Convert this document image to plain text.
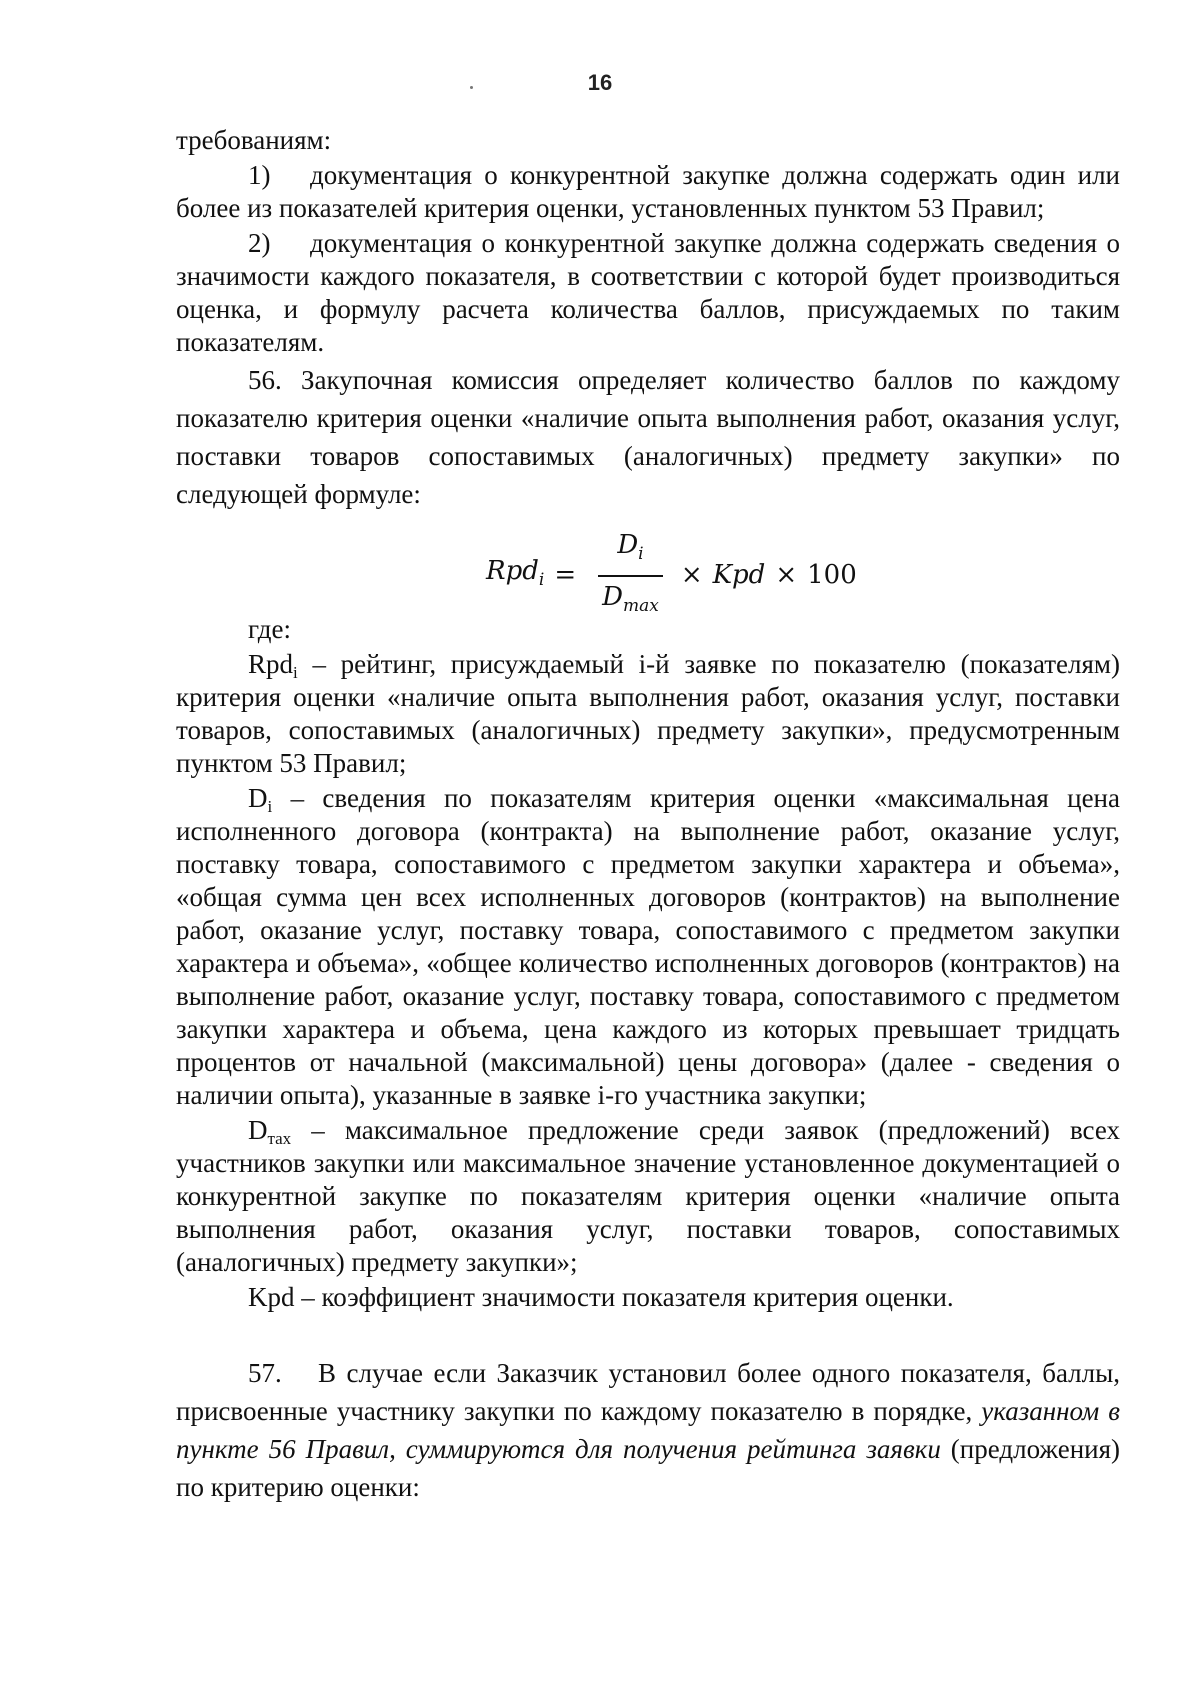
16

требованиям:

1) документация о конкурентной закупке должна содержать один или более из показателей критерия оценки, установленных пунктом 53 Правил;

2) документация о конкурентной закупке должна содержать сведения о значимости каждого показателя, в соответствии с которой будет производиться оценка, и формулу расчета количества баллов, присуждаемых по таким показателям.

56. Закупочная комиссия определяет количество баллов по каждому показателю критерия оценки «наличие опыта выполнения работ, оказания услуг, поставки товаров сопоставимых (аналогичных) предмету закупки» по следующей формуле:

$Rpd_i = \frac{D_i}{D_{max}}$ × Kpd × 100

где:

Rpd$_i$ – рейтинг, присуждаемый i-й заявке по показателю (показателям) критерия оценки «наличие опыта выполнения работ, оказания услуг, поставки товаров, сопоставимых (аналогичных) предмету закупки», предусмотренным пунктом 53 Правил;

$D_i$ – сведения по показателям критерия оценки «максимальная цена исполненного договора (контракта) на выполнение работ, оказание услуг, поставку товара, сопоставимого с предметом закупки характера и объема», «общая сумма цен всех исполненных договоров (контрактов) на выполнение работ, оказание услуг, поставку товара, сопоставимого с предметом закупки характера и объема», «общее количество исполненных договоров (контрактов) на выполнение работ, оказание услуг, поставку товара, сопоставимого с предметом закупки характера и объема, цена каждого из которых превышает тридцать процентов от начальной (максимальной) цены договора» (далее - сведения о наличии опыта), указанные в заявке i-го участника закупки;

$D_{тах}$ – максимальное предложение среди заявок (предложений) всех участников закупки или максимальное значение установленное документацией о конкурентной закупке по показателям критерия оценки «наличие опыта выполнения работ, оказания услуг, поставки товаров, сопоставимых (аналогичных) предмету закупки»;

Kpd – коэффициент значимости показателя критерия оценки.

57. В случае если Заказчик установил более одного показателя, баллы, присвоенные участнику закупки по каждому показателю в порядке, указанном в пункте 56 Правил, суммируются для получения рейтинга заявки (предложения) по критерию оценки:
